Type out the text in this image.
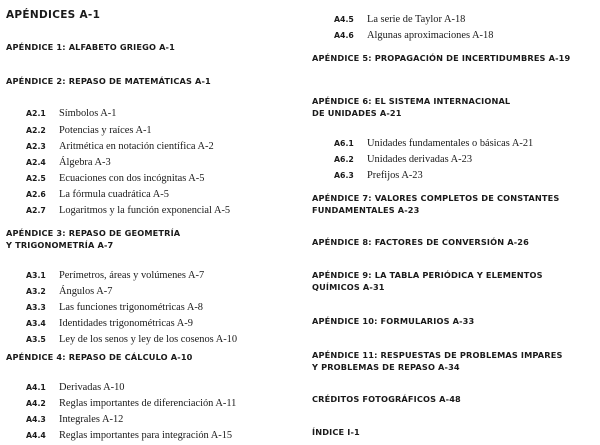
APÉNDICES A-1
APÉNDICE 1: ALFABETO GRIEGO A-1
APÉNDICE 2: REPASO DE MATEMÁTICAS A-1
A2.1 Símbolos A-1
A2.2 Potencias y raíces A-1
A2.3 Aritmética en notación científica A-2
A2.4 Álgebra A-3
A2.5 Ecuaciones con dos incógnitas A-5
A2.6 La fórmula cuadrática A-5
A2.7 Logaritmos y la función exponencial A-5
APÉNDICE 3: REPASO DE GEOMETRÍA
Y TRIGONOMETRÍA A-7
A3.1 Perímetros, áreas y volúmenes A-7
A3.2 Ángulos A-7
A3.3 Las funciones trigonométricas A-8
A3.4 Identidades trigonométricas A-9
A3.5 Ley de los senos y ley de los cosenos A-10
APÉNDICE 4: REPASO DE CÁLCULO A-10
A4.1 Derivadas A-10
A4.2 Reglas importantes de diferenciación A-11
A4.3 Integrales A-12
A4.4 Reglas importantes para integración A-15
A4.5 La serie de Taylor A-18
A4.6 Algunas aproximaciones A-18
APÉNDICE 5: PROPAGACIÓN DE INCERTIDUMBRES A-19
APÉNDICE 6: EL SISTEMA INTERNACIONAL
DE UNIDADES A-21
A6.1 Unidades fundamentales o básicas A-21
A6.2 Unidades derivadas A-23
A6.3 Prefijos A-23
APÉNDICE 7: VALORES COMPLETOS DE CONSTANTES
FUNDAMENTALES A-23
APÉNDICE 8: FACTORES DE CONVERSIÓN A-26
APÉNDICE 9: LA TABLA PERIÓDICA Y ELEMENTOS
QUÍMICOS A-31
APÉNDICE 10: FORMULARIOS A-33
APÉNDICE 11: RESPUESTAS DE PROBLEMAS IMPARES
Y PROBLEMAS DE REPASO A-34
CRÉDITOS FOTOGRÁFICOS A-48
ÍNDICE I-1
